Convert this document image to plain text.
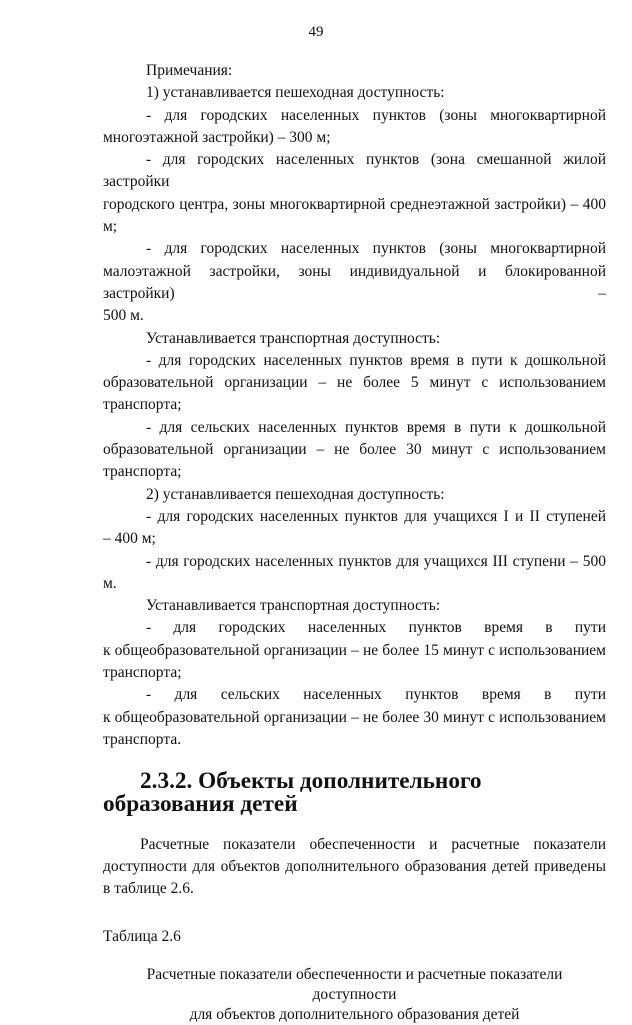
49

Примечания:

1) устанавливается пешеходная доступность:

- для городских населенных пунктов (зоны многоквартирной

многоэтажной застройки) – 300 м;

- для городских населенных пунктов (зона смешанной жилой застройки

городского центра, зоны многоквартирной среднеэтажной застройки) – 400

м;

- для городских населенных пунктов (зоны многоквартирной

малоэтажной застройки, зоны индивидуальной и блокированной застройки) –

500 м.

Устанавливается транспортная доступность:

- для городских населенных пунктов время в пути к дошкольной

образовательной организации – не более 5 минут с использованием

транспорта;

- для сельских населенных пунктов время в пути к дошкольной

образовательной организации – не более 30 минут с использованием

транспорта;

2) устанавливается пешеходная доступность:

- для городских населенных пунктов для учащихся I и II ступеней

– 400 м;

- для городских населенных пунктов для учащихся III ступени – 500 м.

Устанавливается транспортная доступность:

- для городских населенных пунктов время в пути

к общеобразовательной организации – не более 15 минут с использованием

транспорта;

- для сельских населенных пунктов время в пути

к общеобразовательной организации – не более 30 минут с использованием

транспорта.

2.3.2. Объекты дополнительного образования детей

Расчетные показатели обеспеченности и расчетные показатели

доступности для объектов дополнительного образования детей приведены

в таблице 2.6.

Таблица 2.6

Расчетные показатели обеспеченности и расчетные показатели доступности
для объектов дополнительного образования детей
